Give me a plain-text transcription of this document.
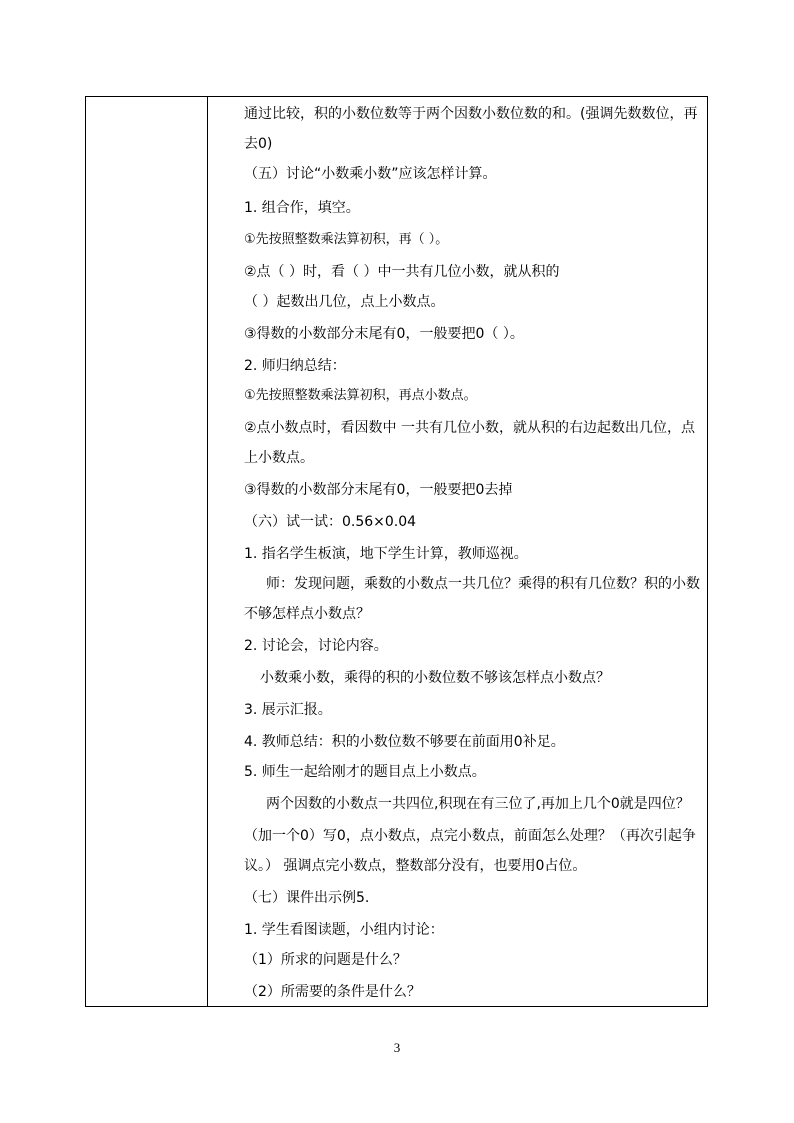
通过比较，积的小数位数等于两个因数小数位数的和。(强调先数数位，再
去0)
（五）讨论“小数乘小数”应该怎样计算。
1. 组合作，填空。
①先按照整数乘法算初积，再（ ）。
②点（ ）时，看（ ）中一共有几位小数，就从积的
（ ）起数出几位，点上小数点。
③得数的小数部分末尾有0，一般要把0（ ）。
2. 师归纳总结：
①先按照整数乘法算初积，再点小数点。
②点小数点时，看因数中 一共有几位小数，就从积的右边起数出几位，点
上小数点。
③得数的小数部分末尾有0，一般要把0去掉
（六）试一试：0.56×0.04
1. 指名学生板演，地下学生计算，教师巡视。
师：发现问题，乘数的小数点一共几位？乘得的积有几位数？积的小数
不够怎样点小数点？
2. 讨论会，讨论内容。
小数乘小数，乘得的积的小数位数不够该怎样点小数点？
3. 展示汇报。
4. 教师总结：积的小数位数不够要在前面用0补足。
5. 师生一起给刚才的题目点上小数点。
两个因数的小数点一共四位,积现在有三位了,再加上几个0就是四位？
（加一个0）写0，点小数点，点完小数点，前面怎么处理？（再次引起争
议。） 强调点完小数点，整数部分没有，也要用0占位。
（七）课件出示例5.
1. 学生看图读题，小组内讨论：
（1）所求的问题是什么？
（2）所需要的条件是什么？
3
